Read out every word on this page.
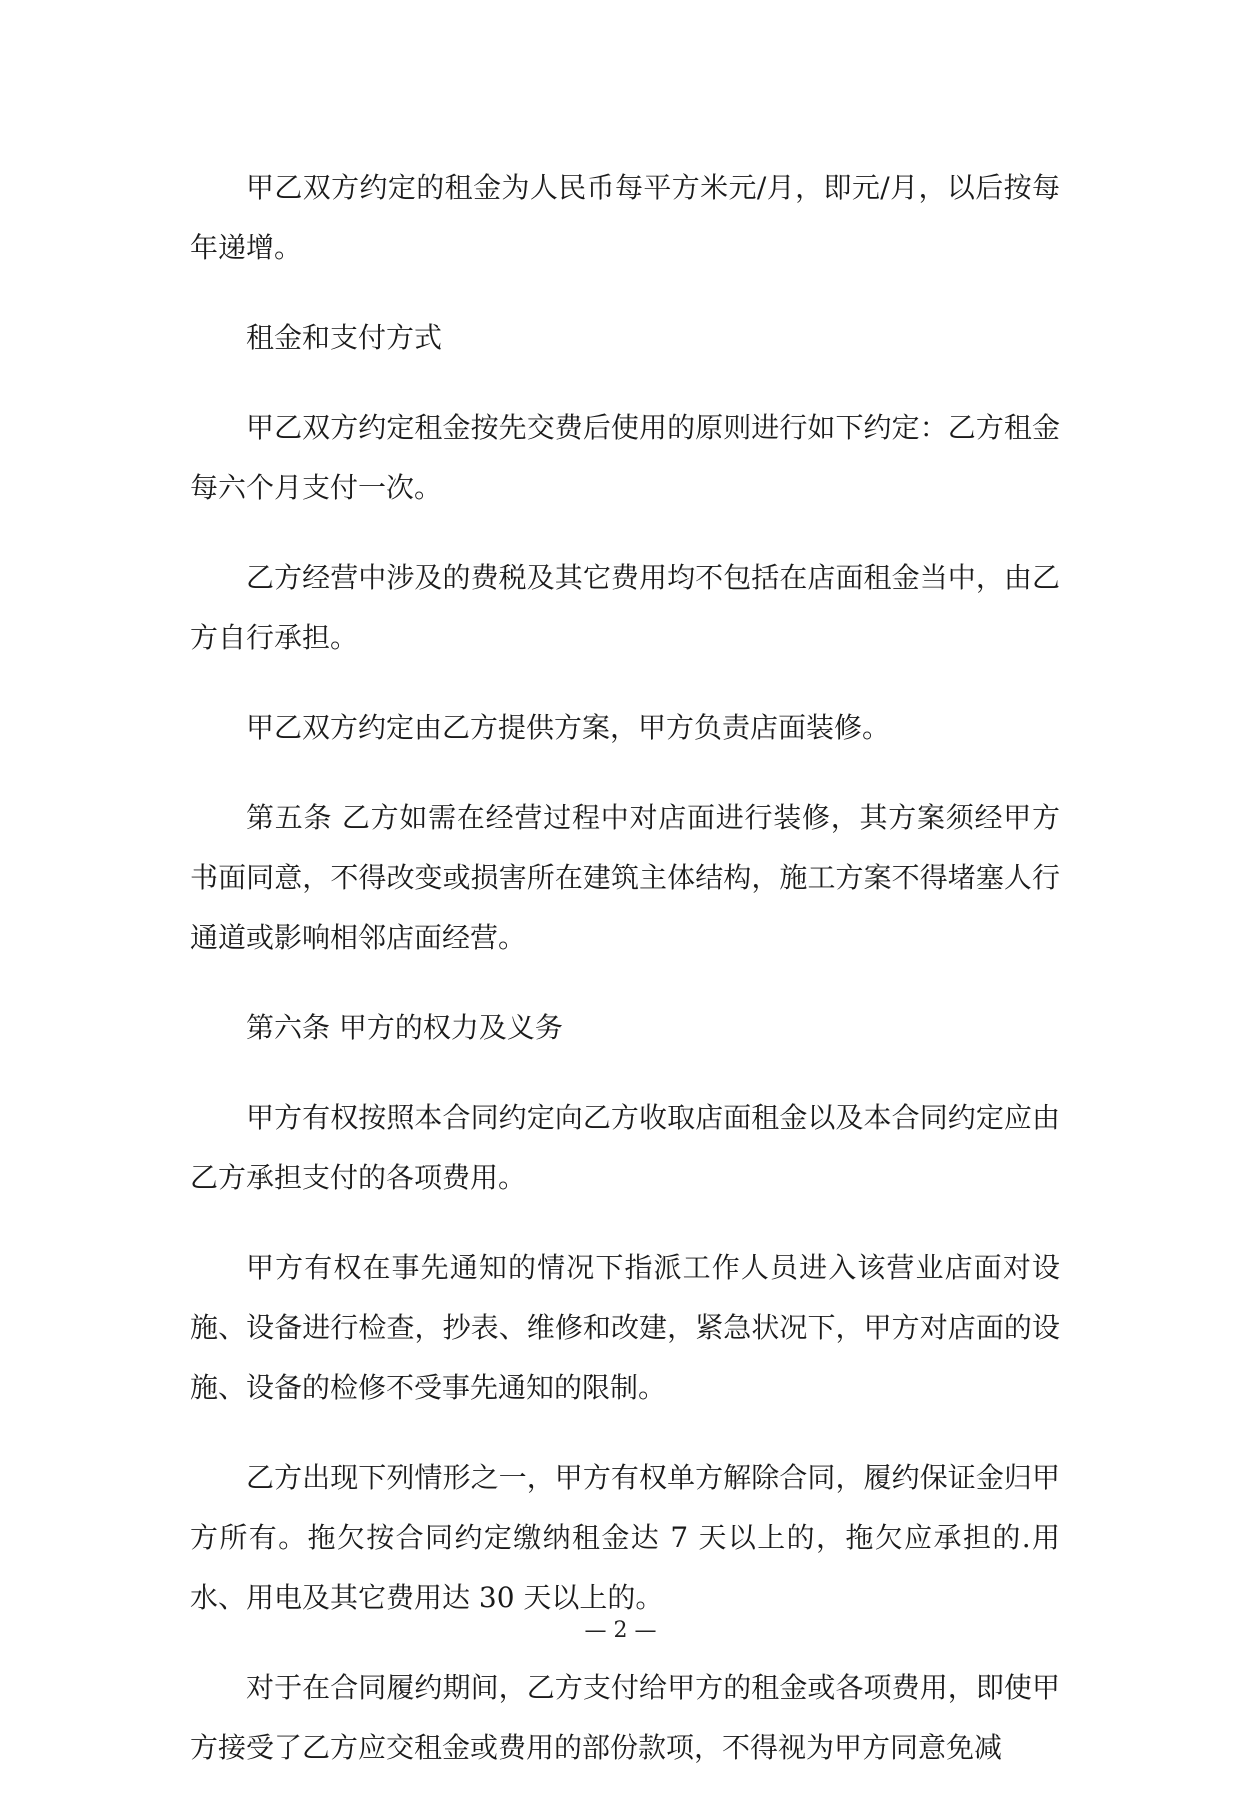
甲乙双方约定的租金为人民币每平方米元/月，即元/月，以后按每年递增。

租金和支付方式

甲乙双方约定租金按先交费后使用的原则进行如下约定：乙方租金每六个月支付一次。

乙方经营中涉及的费税及其它费用均不包括在店面租金当中，由乙方自行承担。

甲乙双方约定由乙方提供方案，甲方负责店面装修。

第五条 乙方如需在经营过程中对店面进行装修，其方案须经甲方书面同意，不得改变或损害所在建筑主体结构，施工方案不得堵塞人行通道或影响相邻店面经营。

第六条 甲方的权力及义务

甲方有权按照本合同约定向乙方收取店面租金以及本合同约定应由乙方承担支付的各项费用。

甲方有权在事先通知的情况下指派工作人员进入该营业店面对设施、设备进行检查，抄表、维修和改建，紧急状况下，甲方对店面的设施、设备的检修不受事先通知的限制。

乙方出现下列情形之一，甲方有权单方解除合同，履约保证金归甲方所有。拖欠按合同约定缴纳租金达 7 天以上的，拖欠应承担的.用水、用电及其它费用达 30 天以上的。

对于在合同履约期间，乙方支付给甲方的租金或各项费用，即使甲方接受了乙方应交租金或费用的部份款项，不得视为甲方同意免减

— 2 —
